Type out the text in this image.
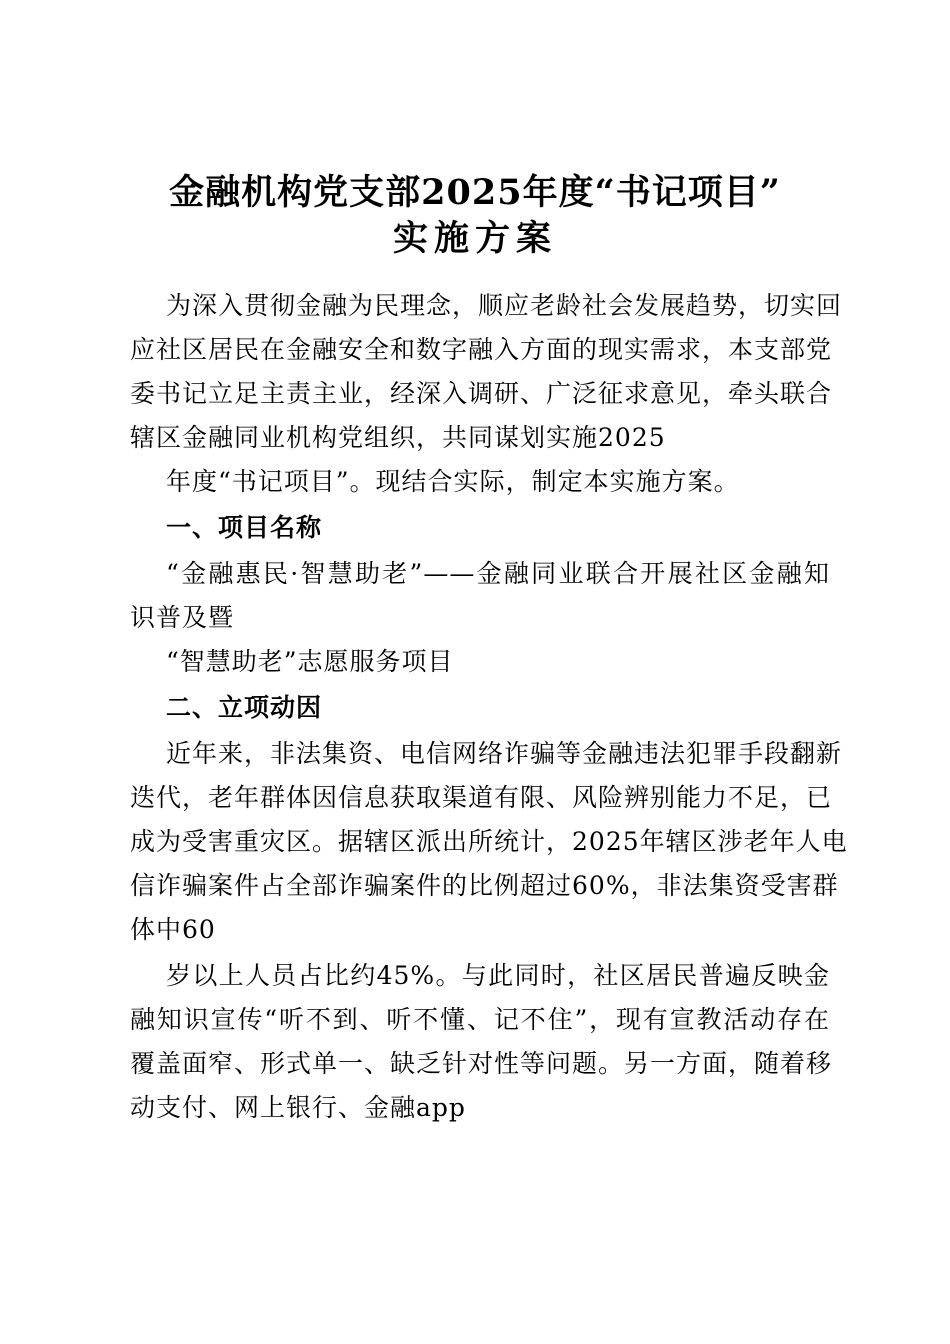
金融机构党支部2025年度“书记项目”
实施方案
为深入贯彻金融为民理念，顺应老龄社会发展趋势，切实回
应社区居民在金融安全和数字融入方面的现实需求，本支部党
委书记立足主责主业，经深入调研、广泛征求意见，牵头联合
辖区金融同业机构党组织，共同谋划实施2025
年度“书记项目”。现结合实际，制定本实施方案。
一、项目名称
“金融惠民·智慧助老”——金融同业联合开展社区金融知
识普及暨
“智慧助老”志愿服务项目
二、立项动因
近年来，非法集资、电信网络诈骗等金融违法犯罪手段翻新
迭代，老年群体因信息获取渠道有限、风险辨别能力不足，已
成为受害重灾区。据辖区派出所统计，2025年辖区涉老年人电
信诈骗案件占全部诈骗案件的比例超过60%，非法集资受害群
体中60
岁以上人员占比约45%。与此同时，社区居民普遍反映金
融知识宣传“听不到、听不懂、记不住”，现有宣教活动存在
覆盖面窄、形式单一、缺乏针对性等问题。另一方面，随着移
动支付、网上银行、金融app
